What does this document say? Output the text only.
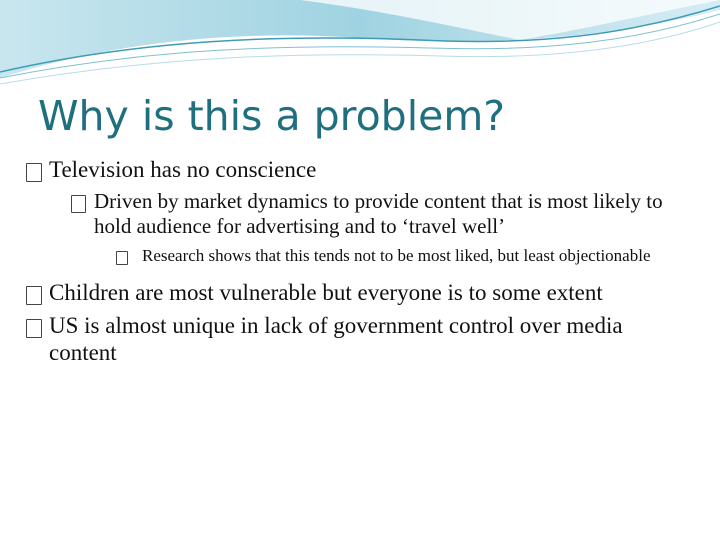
Why is this a problem?
Television has no conscience
Driven by market dynamics to provide content that is most likely to hold audience for advertising and to ‘travel well’
Research shows that this tends not to be most liked, but least objectionable
Children are most vulnerable but everyone is to some extent
US is almost unique in lack of government control over media content
